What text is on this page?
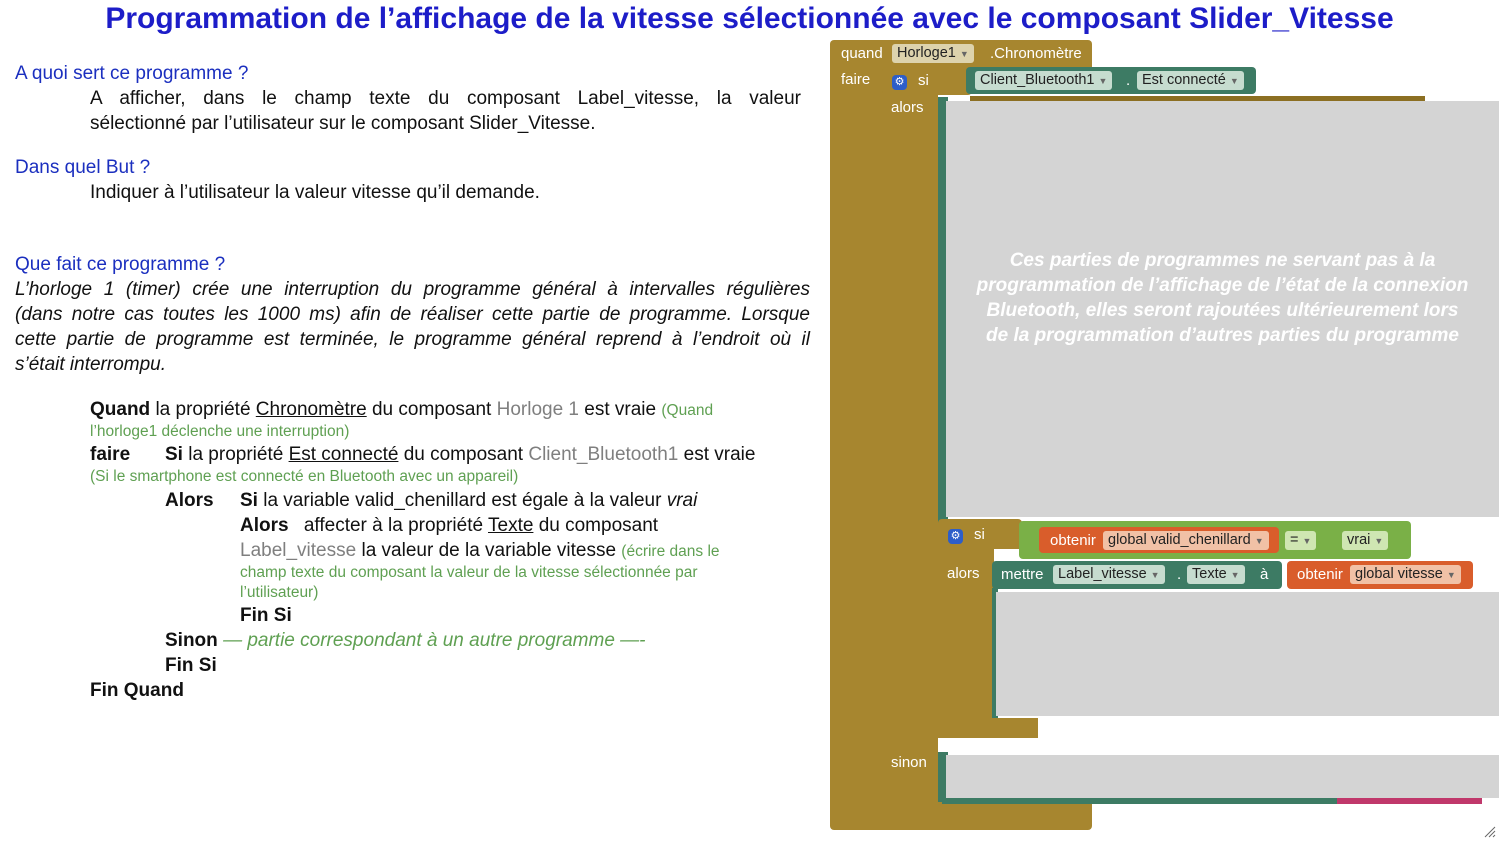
Programmation de l’affichage de la vitesse sélectionnée avec le composant Slider_Vitesse
A quoi sert ce programme ?
A afficher, dans le champ texte du composant Label_vitesse, la valeur
sélectionné par l’utilisateur sur le composant Slider_Vitesse.
Dans quel But ?
Indiquer à l’utilisateur la valeur vitesse qu’il demande.
Que fait ce programme ?
L’horloge 1 (timer) crée une interruption du programme général à intervalles régulières
(dans notre cas toutes les 1000 ms) afin de réaliser cette partie de programme. Lorsque
cette partie de programme est terminée, le programme général reprend à l’endroit où il
s’était interrompu.
Quand la propriété Chronomètre du composant Horloge 1 est vraie (Quand
l’horloge1 déclenche une interruption)
faire Si la propriété Est connecté du composant Client_Bluetooth1 est vraie
(Si le smartphone est connecté en Bluetooth avec un appareil)
Alors Si la variable valid_chenillard est égale à la valeur vrai
Alors affecter à la propriété Texte du composant
Label_vitesse la valeur de la variable vitesse (écrire dans le
champ texte du composant la valeur de la vitesse sélectionnée par
l’utilisateur)
Fin Si
Sinon — partie correspondant à un autre programme —-
Fin Si
Fin Quand
quand Horloge1 ▼	.Chronomètre
faire ⚙ si
alors
Client_Bluetooth1 ▼	. Est connecté ▼
Ces parties de programmes ne servant pas à la programmation de l’affichage de l’état de la connexion Bluetooth, elles seront rajoutées ultérieurement lors de la programmation d’autres parties du programme
⚙ si
alors
obtenir global valid_chenillard ▼	= ▼	vrai ▼
mettre Label_vitesse ▼	. Texte ▼	à obtenir global vitesse ▼
sinon
